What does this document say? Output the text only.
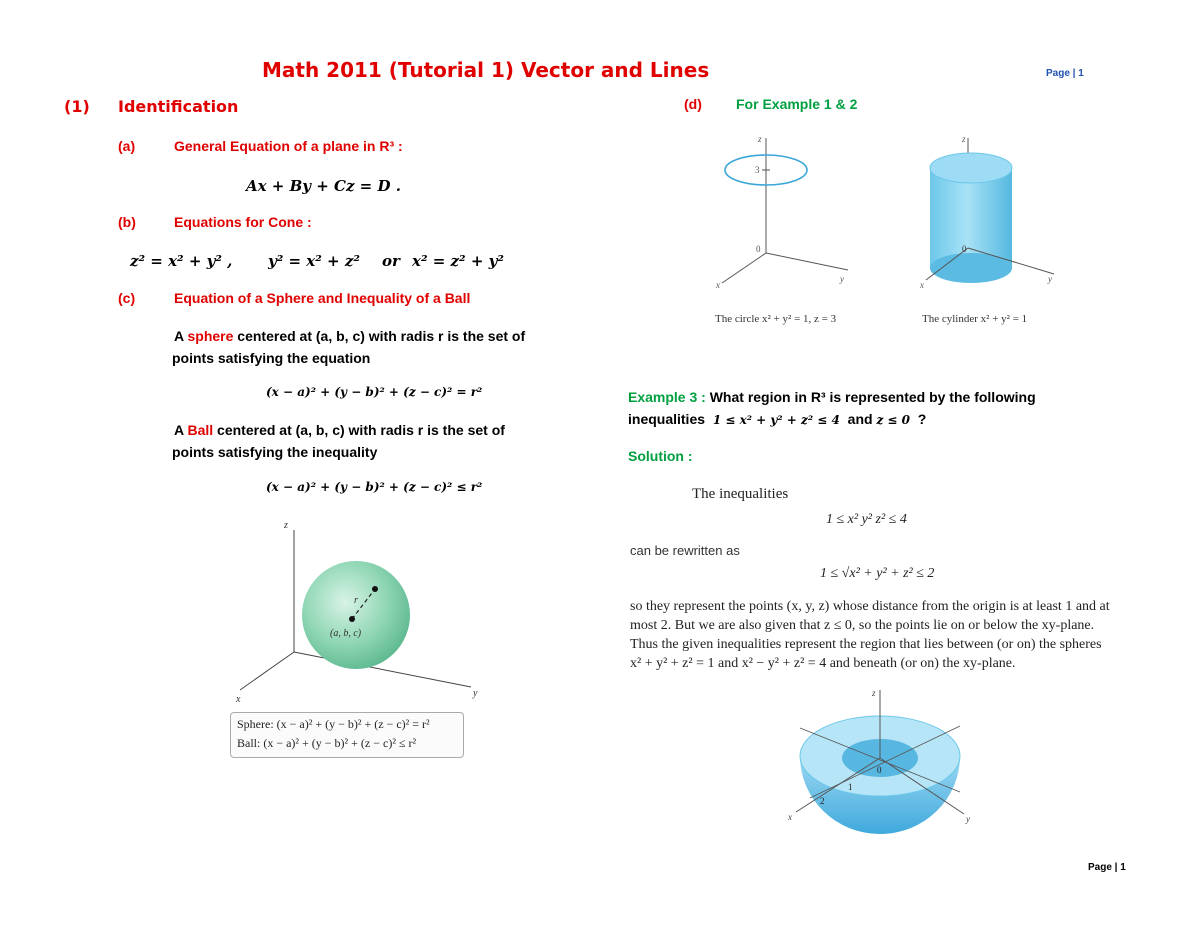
Math 2011 (Tutorial 1) Vector and Lines	Page | 1
(1) Identification
(a)	General Equation of a plane in R³ :
Ax + By + Cz = D .
(b)	Equations for Cone :
z² = x² + y² , y² = x² + z² or x² = z² + y²
(c)	Equation of a Sphere and Inequality of a Ball
A sphere centered at (a, b, c) with radis r is the set of
points satisfying the equation
(x − a)² + (y − b)² + (z − c)² = r²
A Ball centered at (a, b, c) with radis r is the set of
points satisfying the inequality
(x − a)² + (y − b)² + (z − c)² ≤ r²
z
x
y
r
(a, b, c)
Sphere: (x − a)² + (y − b)² + (z − c)² = r²
Ball: (x − a)² + (y − b)² + (z − c)² ≤ r²
(d) For Example 1 & 2
z
3
0
x
y
The circle x² + y² = 1, z = 3
z
0
x
y
The cylinder x² + y² = 1
Example 3 : What region in R³ is represented by the following
inequalities 1 ≤ x² + y² + z² ≤ 4 and z ≤ 0 ?
Solution :
The inequalities
1 ≤ x² y² z² ≤ 4
can be rewritten as
1 ≤ √x² + y² + z² ≤ 2
so they represent the points (x, y, z) whose distance from the origin is at least 1 and at
most 2. But we are also given that z ≤ 0, so the points lie on or below the xy-plane.
Thus the given inequalities represent the region that lies between (or on) the spheres
x² + y² + z² = 1 and x² − y² + z² = 4 and beneath (or on) the xy-plane.
z
0
1
2
x	y
Page | 1
